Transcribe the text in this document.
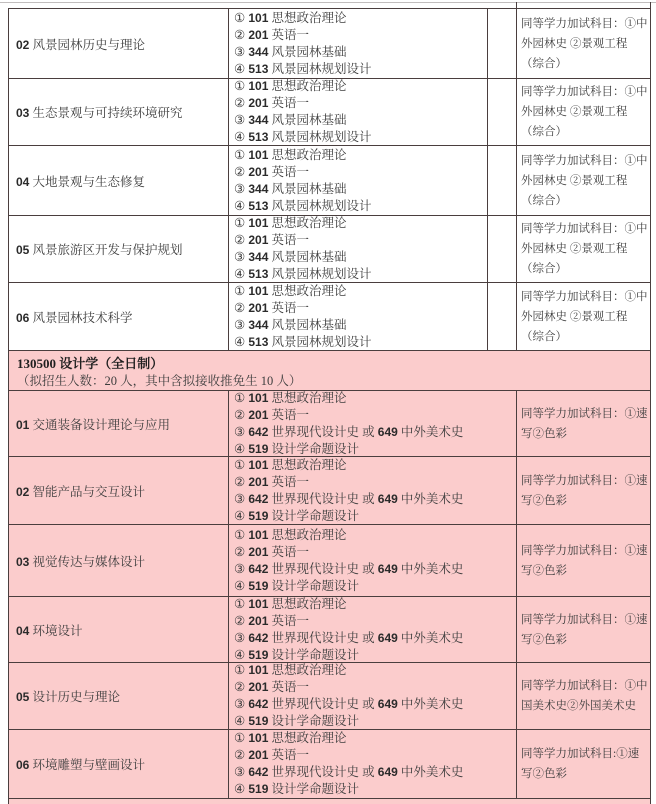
02 风景园林历史与理论
① 101 思想政治理论
② 201 英语一
③ 344 风景园林基础
④ 513 风景园林规划设计
同等学力加试科目：①中外园林史 ②景观工程（综合）
03 生态景观与可持续环境研究
① 101 思想政治理论
② 201 英语一
③ 344 风景园林基础
④ 513 风景园林规划设计
同等学力加试科目：①中外园林史 ②景观工程（综合）
04 大地景观与生态修复
① 101 思想政治理论
② 201 英语一
③ 344 风景园林基础
④ 513 风景园林规划设计
同等学力加试科目：①中外园林史 ②景观工程（综合）
05 风景旅游区开发与保护规划
① 101 思想政治理论
② 201 英语一
③ 344 风景园林基础
④ 513 风景园林规划设计
同等学力加试科目：①中外园林史 ②景观工程（综合）
06 风景园林技术科学
① 101 思想政治理论
② 201 英语一
③ 344 风景园林基础
④ 513 风景园林规划设计
同等学力加试科目：①中外园林史 ②景观工程（综合）
130500 设计学（全日制）
（拟招生人数：20 人，其中含拟接收推免生 10 人）
01 交通装备设计理论与应用
① 101 思想政治理论
② 201 英语一
③ 642 世界现代设计史 或 649 中外美术史
④ 519 设计学命题设计
同等学力加试科目：①速写②色彩
02 智能产品与交互设计
① 101 思想政治理论
② 201 英语一
③ 642 世界现代设计史 或 649 中外美术史
④ 519 设计学命题设计
同等学力加试科目：①速写②色彩
03 视觉传达与媒体设计
① 101 思想政治理论
② 201 英语一
③ 642 世界现代设计史 或 649 中外美术史
④ 519 设计学命题设计
同等学力加试科目：①速写②色彩
04 环境设计
① 101 思想政治理论
② 201 英语一
③ 642 世界现代设计史 或 649 中外美术史
④ 519 设计学命题设计
同等学力加试科目：①速写②色彩
05 设计历史与理论
① 101 思想政治理论
② 201 英语一
③ 642 世界现代设计史 或 649 中外美术史
④ 519 设计学命题设计
同等学力加试科目：①中国美术史②外国美术史
06 环境雕塑与壁画设计
① 101 思想政治理论
② 201 英语一
③ 642 世界现代设计史 或 649 中外美术史
④ 519 设计学命题设计
同等学力加试科目:①速写②色彩
